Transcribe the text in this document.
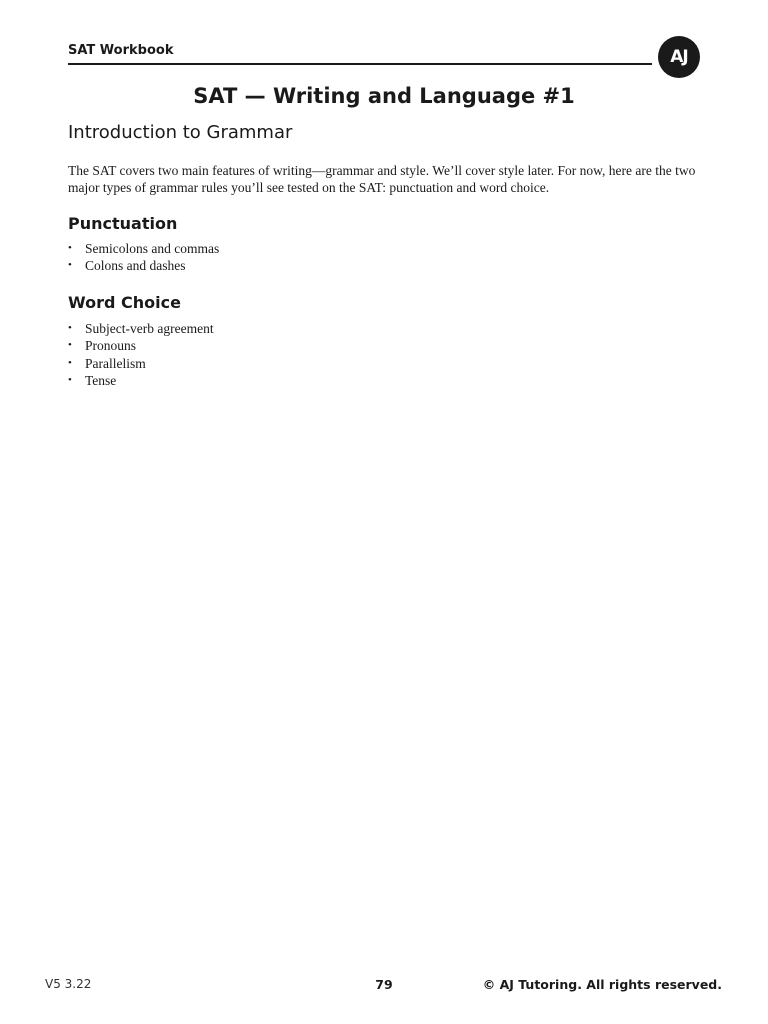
SAT Workbook	AJ
SAT — Writing and Language #1
Introduction to Grammar

The SAT covers two main features of writing—grammar and style. We’ll cover style later. For now, here are the two major types of grammar rules you’ll see tested on the SAT: punctuation and word choice.

Punctuation
• Semicolons and commas
• Colons and dashes
Word Choice
• Subject-verb agreement
• Pronouns
• Parallelism
• Tense
V5 3.22	79	© AJ Tutoring. All rights reserved.
